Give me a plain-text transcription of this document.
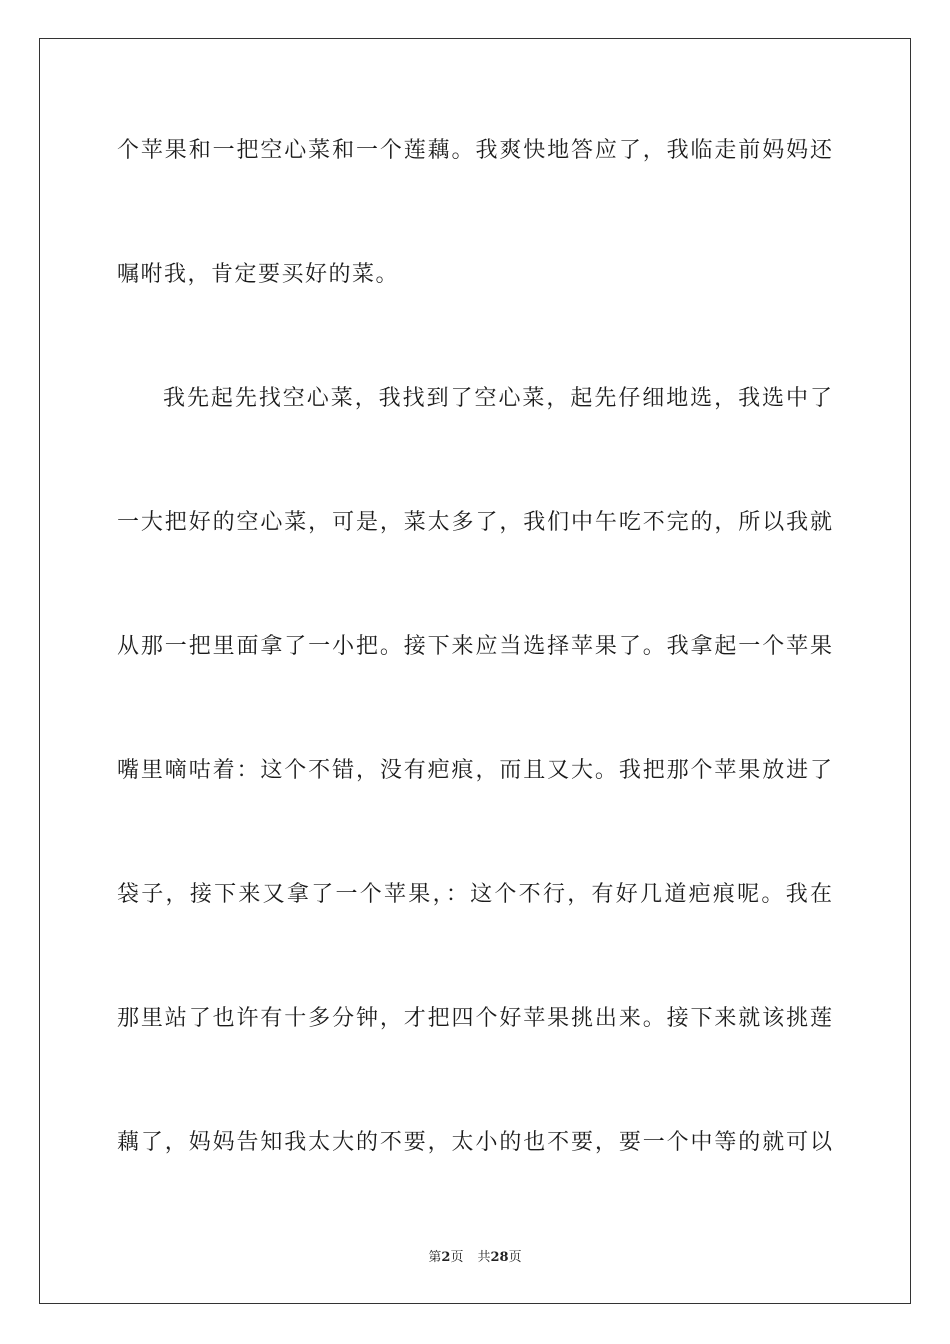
个苹果和一把空心菜和一个莲藕。我爽快地答应了，我临走前妈妈还
嘱咐我，肯定要买好的菜。
我先起先找空心菜，我找到了空心菜，起先仔细地选，我选中了
一大把好的空心菜，可是，菜太多了，我们中午吃不完的，所以我就
从那一把里面拿了一小把。接下来应当选择苹果了。我拿起一个苹果
嘴里嘀咕着：这个不错，没有疤痕，而且又大。我把那个苹果放进了
袋子，接下来又拿了一个苹果，：这个不行，有好几道疤痕呢。我在
那里站了也许有十多分钟，才把四个好苹果挑出来。接下来就该挑莲
藕了，妈妈告知我太大的不要，太小的也不要，要一个中等的就可以
第2页 共28页
